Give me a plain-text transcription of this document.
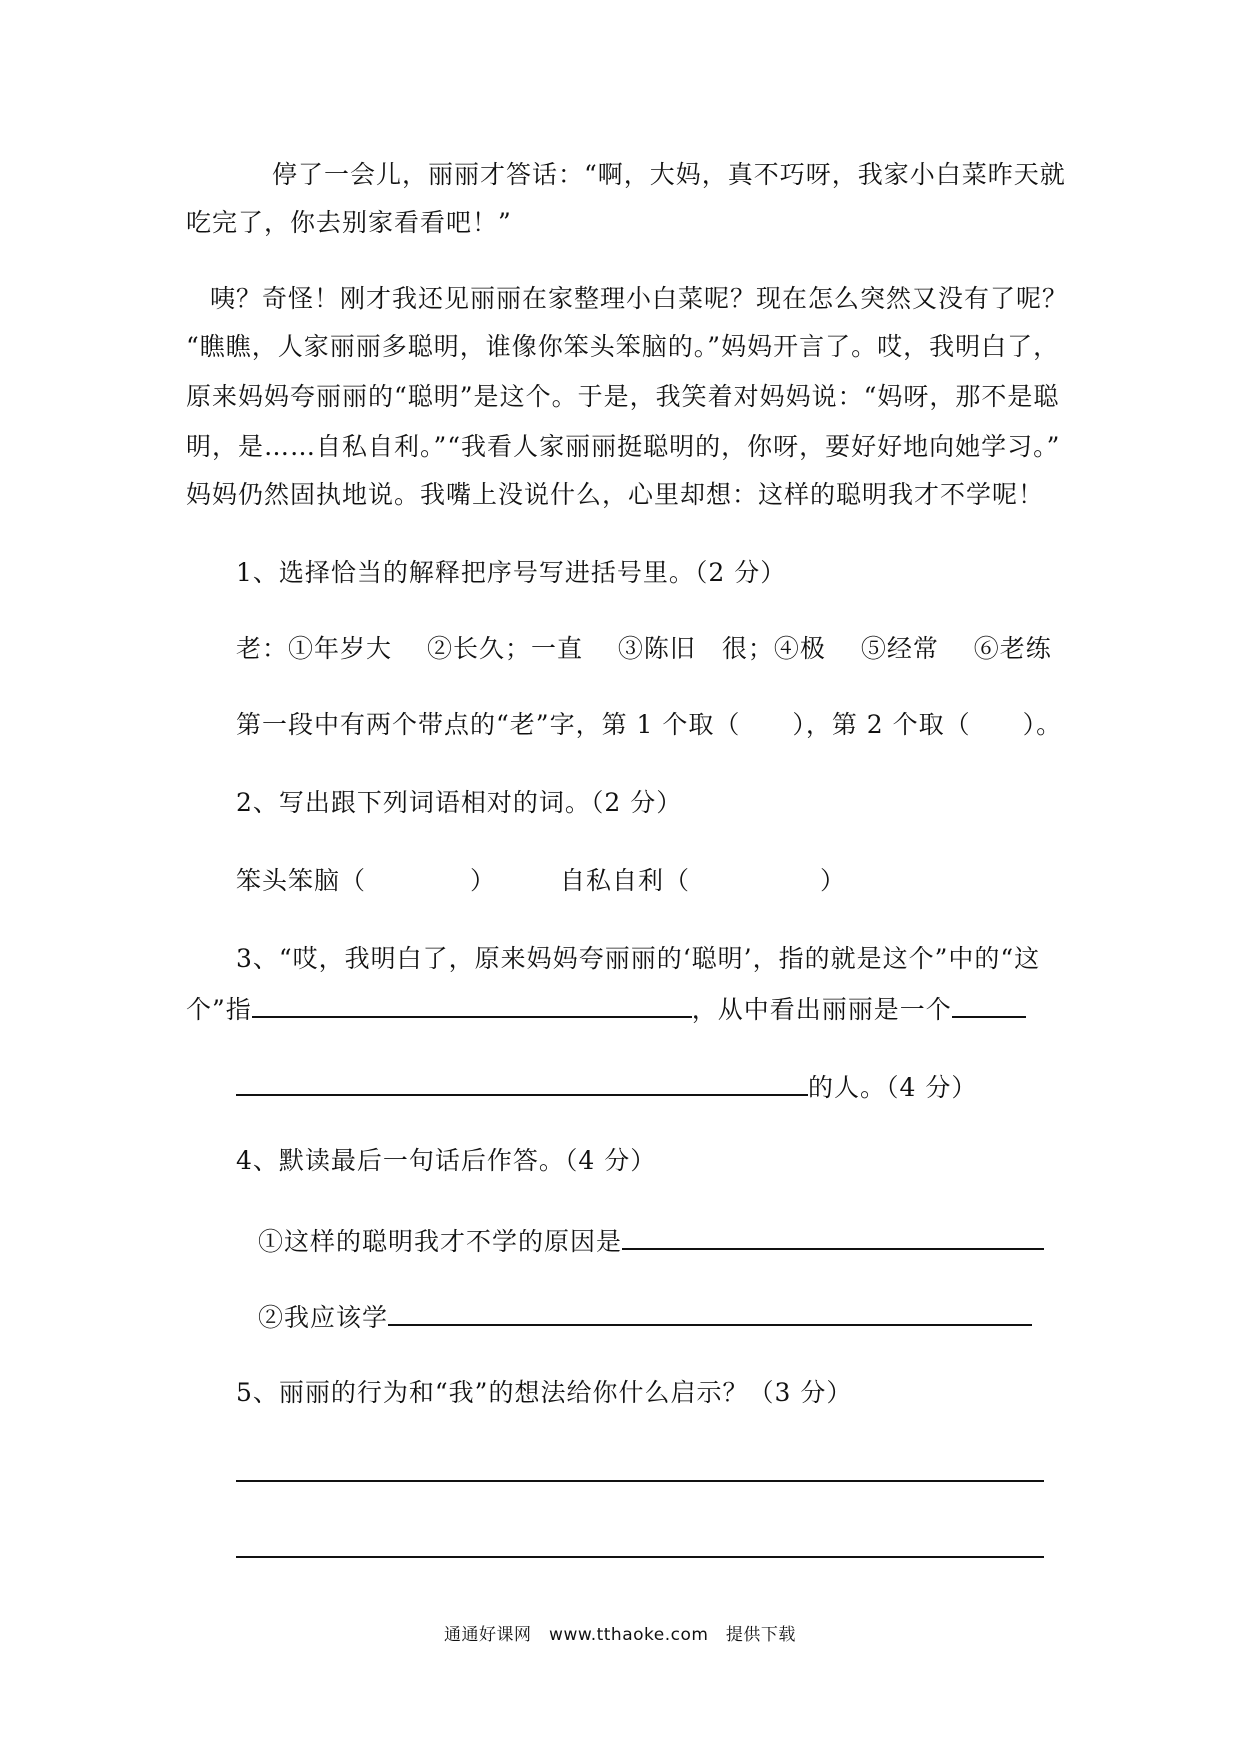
停了一会儿，丽丽才答话：“啊，大妈，真不巧呀，我家小白菜昨天就
吃完了，你去别家看看吧！”
咦？奇怪！刚才我还见丽丽在家整理小白菜呢？现在怎么突然又没有了呢？
“瞧瞧，人家丽丽多聪明，谁像你笨头笨脑的。”妈妈开言了。哎，我明白了，
原来妈妈夸丽丽的“聪明”是这个。于是，我笑着对妈妈说：“妈呀，那不是聪
明，是……自私自利。”“我看人家丽丽挺聪明的，你呀，要好好地向她学习。”
妈妈仍然固执地说。我嘴上没说什么，心里却想：这样的聪明我才不学呢！
1、选择恰当的解释把序号写进括号里。（2 分）
老：①年岁大　 ②长久；一直　 ③陈旧　很；④极　 ⑤经常　 ⑥老练
第一段中有两个带点的“老”字，第 1 个取（　　），第 2 个取（　　）。
2、写出跟下列词语相对的词。（2 分）
笨头笨脑（　　　　）	自私自利（　　　　　）
3、“哎，我明白了，原来妈妈夸丽丽的‘聪明’，指的就是这个”中的“这
个”指	，从中看出丽丽是一个
的人。（4 分）
4、默读最后一句话后作答。（4 分）
①这样的聪明我才不学的原因是
②我应该学
5、丽丽的行为和“我”的想法给你什么启示？（3 分）
通通好课网　www.tthaoke.com　提供下载
